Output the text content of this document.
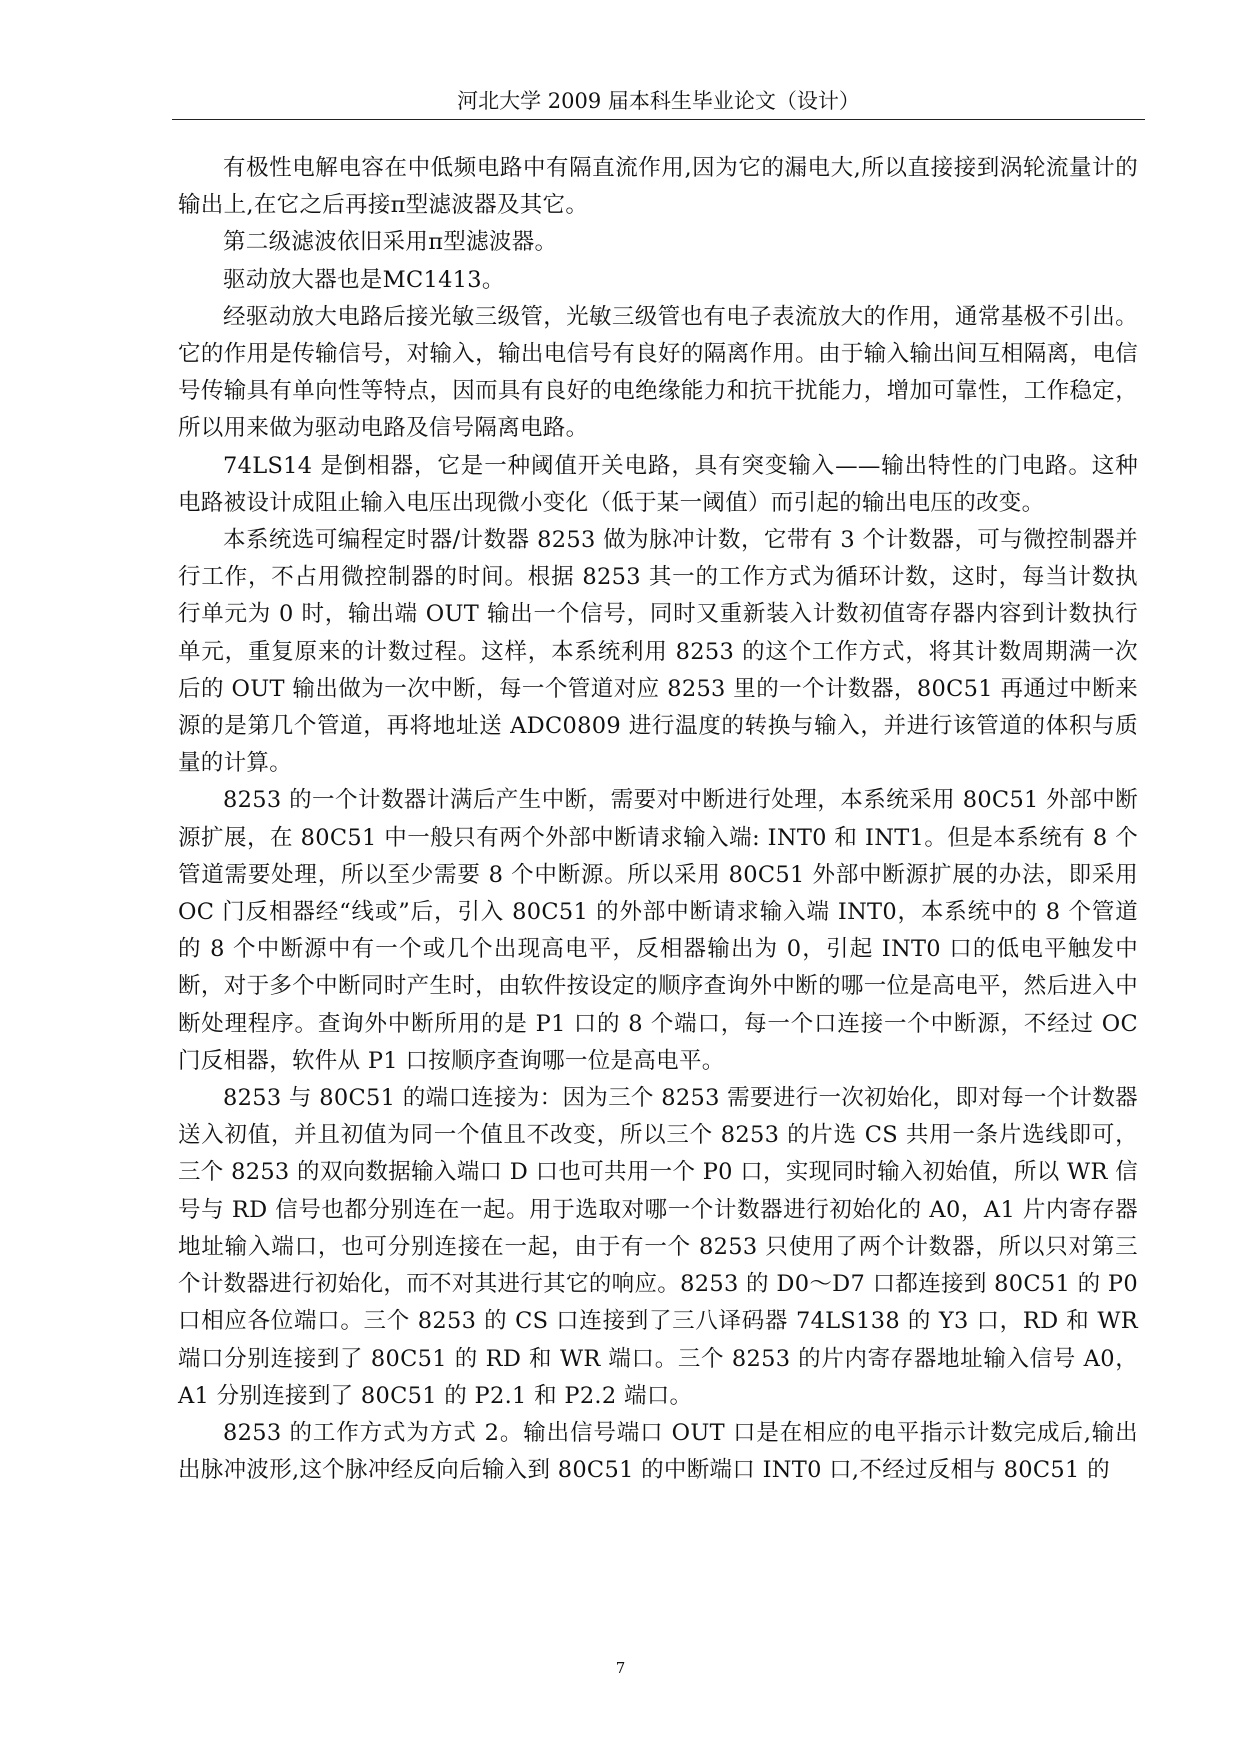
河北大学 2009 届本科生毕业论文（设计）

有极性电解电容在中低频电路中有隔直流作用,因为它的漏电大,所以直接接到涡轮流量计的输出上,在它之后再接π型滤波器及其它。

第二级滤波依旧采用π型滤波器。

驱动放大器也是MC1413。

经驱动放大电路后接光敏三级管，光敏三级管也有电子表流放大的作用，通常基极不引出。它的作用是传输信号，对输入，输出电信号有良好的隔离作用。由于输入输出间互相隔离，电信号传输具有单向性等特点，因而具有良好的电绝缘能力和抗干扰能力，增加可靠性，工作稳定，所以用来做为驱动电路及信号隔离电路。

74LS14 是倒相器，它是一种阈值开关电路，具有突变输入——输出特性的门电路。这种电路被设计成阻止输入电压出现微小变化（低于某一阈值）而引起的输出电压的改变。

本系统选可编程定时器/计数器 8253 做为脉冲计数，它带有 3 个计数器，可与微控制器并行工作，不占用微控制器的时间。根据 8253 其一的工作方式为循环计数，这时，每当计数执行单元为 0 时，输出端 OUT 输出一个信号，同时又重新装入计数初值寄存器内容到计数执行单元，重复原来的计数过程。这样，本系统利用 8253 的这个工作方式，将其计数周期满一次后的 OUT 输出做为一次中断，每一个管道对应 8253 里的一个计数器，80C51 再通过中断来源的是第几个管道，再将地址送 ADC0809 进行温度的转换与输入，并进行该管道的体积与质量的计算。

8253 的一个计数器计满后产生中断，需要对中断进行处理，本系统采用 80C51 外部中断源扩展，在 80C51 中一般只有两个外部中断请求输入端: INT0 和 INT1。但是本系统有 8 个管道需要处理，所以至少需要 8 个中断源。所以采用 80C51 外部中断源扩展的办法，即采用 OC 门反相器经“线或”后，引入 80C51 的外部中断请求输入端 INT0，本系统中的 8 个管道的 8 个中断源中有一个或几个出现高电平，反相器输出为 0，引起 INT0 口的低电平触发中断，对于多个中断同时产生时，由软件按设定的顺序查询外中断的哪一位是高电平，然后进入中断处理程序。查询外中断所用的是 P1 口的 8 个端口，每一个口连接一个中断源，不经过 OC 门反相器，软件从 P1 口按顺序查询哪一位是高电平。

8253 与 80C51 的端口连接为：因为三个 8253 需要进行一次初始化，即对每一个计数器送入初值，并且初值为同一个值且不改变，所以三个 8253 的片选 CS 共用一条片选线即可，三个 8253 的双向数据输入端口 D 口也可共用一个 P0 口，实现同时输入初始值，所以 WR 信号与 RD 信号也都分别连在一起。用于选取对哪一个计数器进行初始化的 A0，A1 片内寄存器地址输入端口，也可分别连接在一起，由于有一个 8253 只使用了两个计数器，所以只对第三个计数器进行初始化，而不对其进行其它的响应。8253 的 D0～D7 口都连接到 80C51 的 P0 口相应各位端口。三个 8253 的 CS 口连接到了三八译码器 74LS138 的 Y3 口，RD 和 WR 端口分别连接到了 80C51 的 RD 和 WR 端口。三个 8253 的片内寄存器地址输入信号 A0，A1 分别连接到了 80C51 的 P2.1 和 P2.2 端口。

8253 的工作方式为方式 2。输出信号端口 OUT 口是在相应的电平指示计数完成后,输出出脉冲波形,这个脉冲经反向后输入到 80C51 的中断端口 INT0 口,不经过反相与 80C51 的

7
